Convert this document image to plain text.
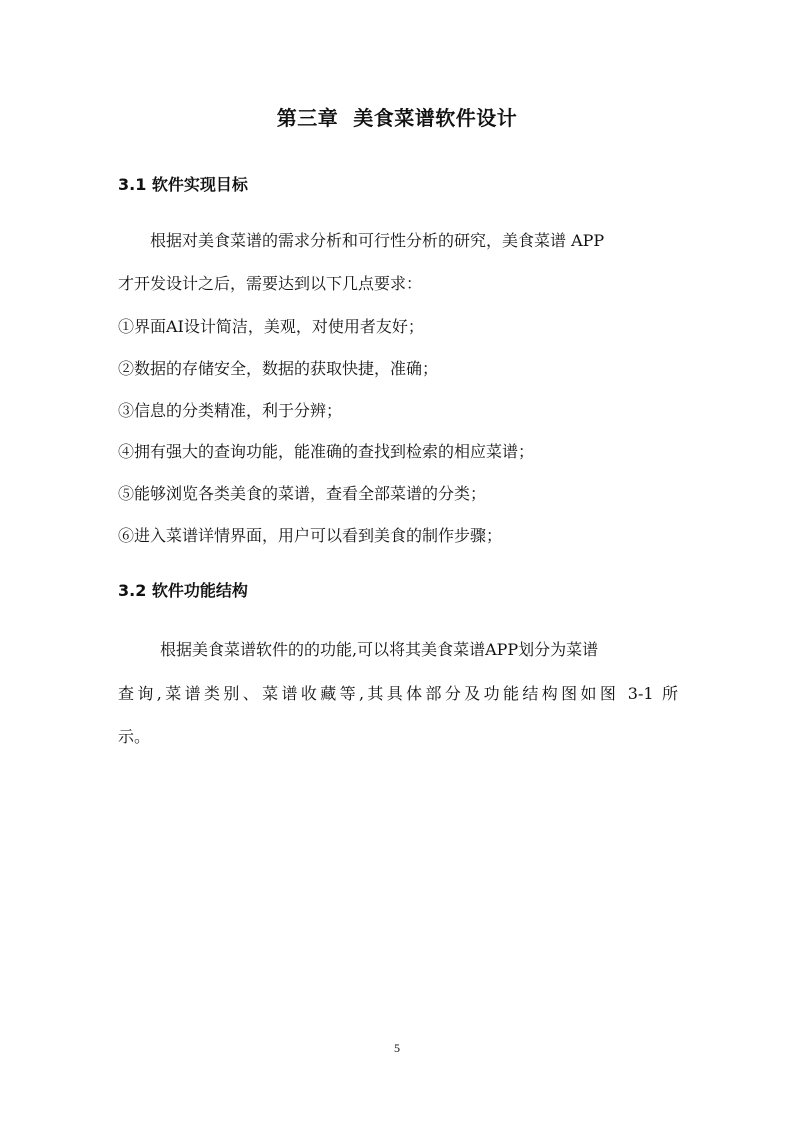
第三章  美食菜谱软件设计
3.1 软件实现目标
根据对美食菜谱的需求分析和可行性分析的研究，美食菜谱 APP
才开发设计之后，需要达到以下几点要求：
①界面AI设计简洁，美观，对使用者友好；
②数据的存储安全，数据的获取快捷，准确；
③信息的分类精准，利于分辨；
④拥有强大的查询功能，能准确的查找到检索的相应菜谱；
⑤能够浏览各类美食的菜谱，查看全部菜谱的分类；
⑥进入菜谱详情界面，用户可以看到美食的制作步骤；
3.2 软件功能结构
根据美食菜谱软件的的功能,可以将其美食菜谱APP划分为菜谱
查询,菜谱类别、菜谱收藏等,其具体部分及功能结构图如图 3-1 所
示。
5
